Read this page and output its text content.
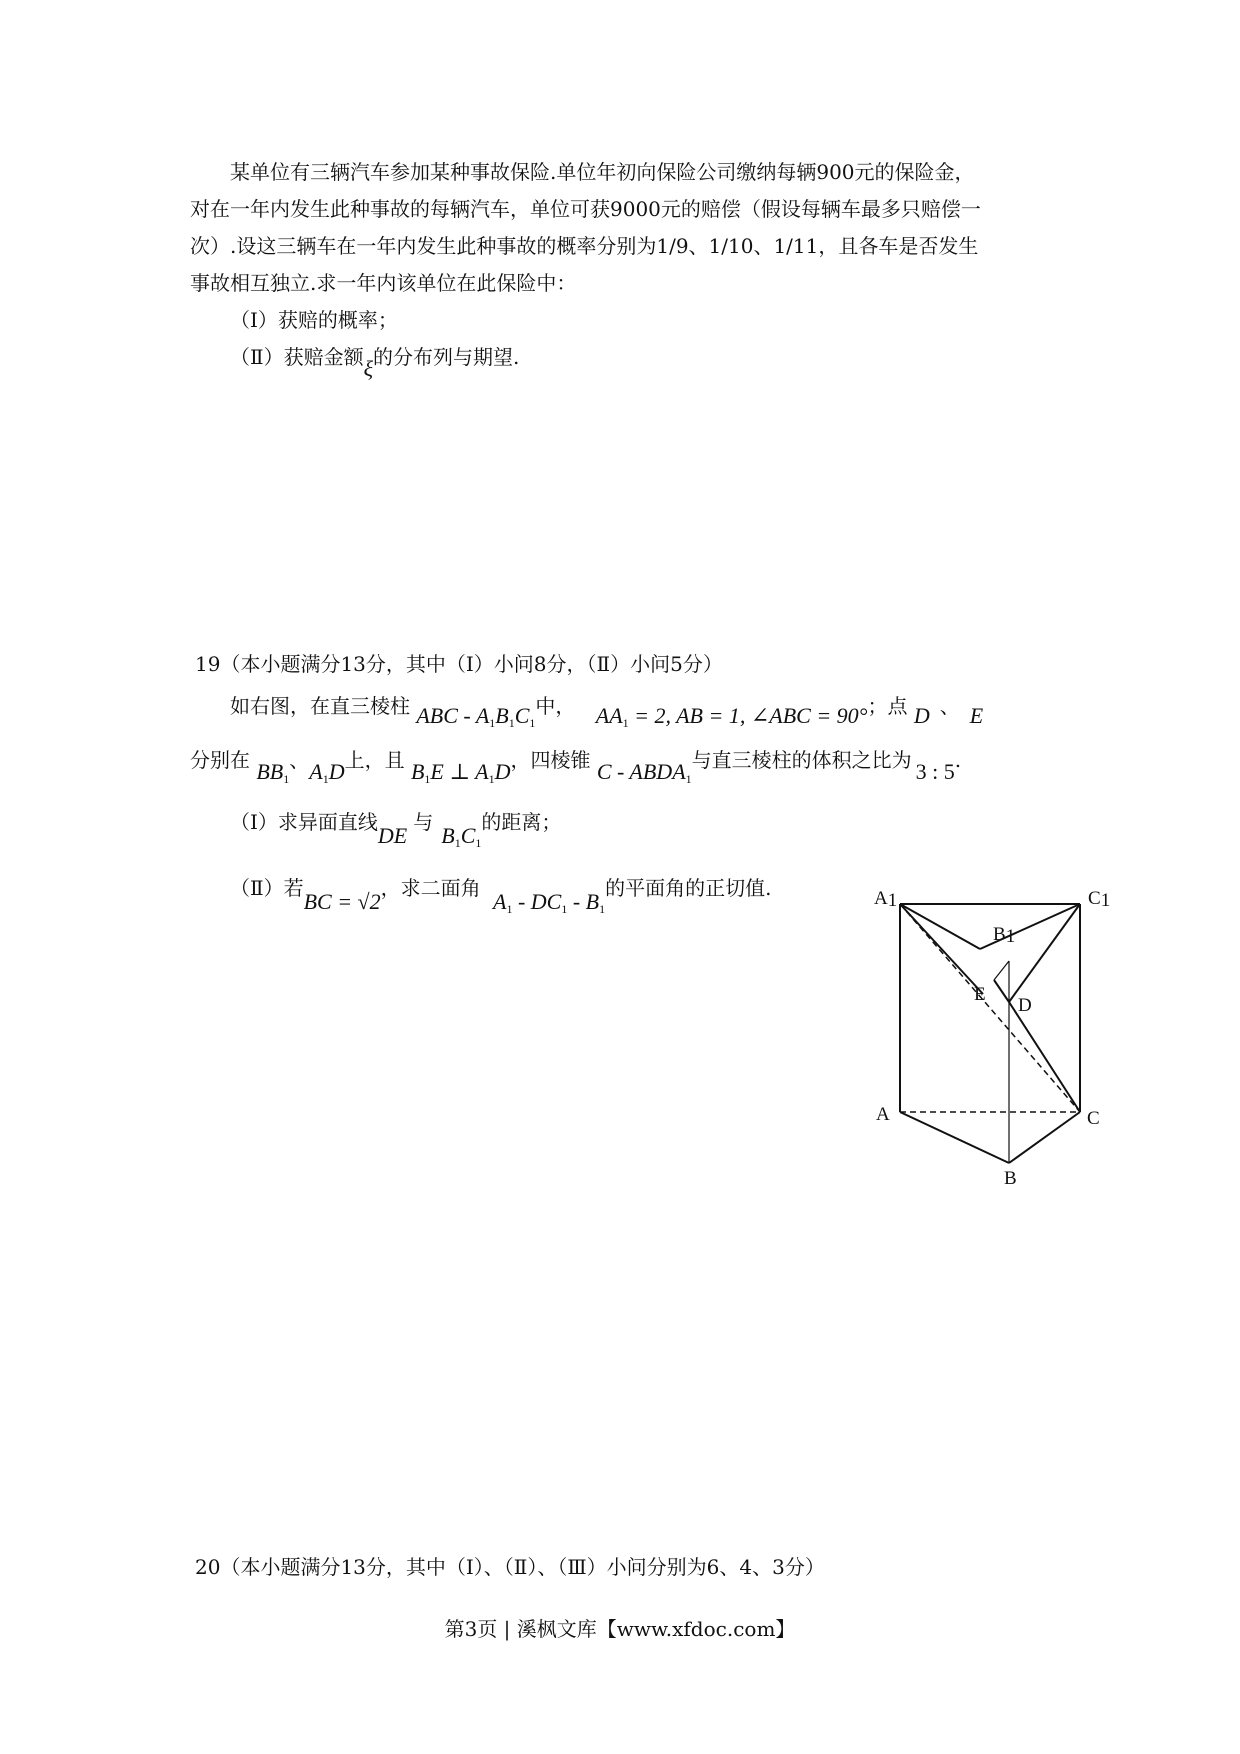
某单位有三辆汽车参加某种事故保险.单位年初向保险公司缴纳每辆900元的保险金，
对在一年内发生此种事故的每辆汽车，单位可获9000元的赔偿（假设每辆车最多只赔偿一
次）.设这三辆车在一年内发生此种事故的概率分别为1/9、1/10、1/11，且各车是否发生
事故相互独立.求一年内该单位在此保险中：
（Ⅰ）获赔的概率；
（Ⅱ）获赔金额ξ的分布列与期望.
19（本小题满分13分，其中（Ⅰ）小问8分，（Ⅱ）小问5分）
如右图，在直三棱柱 ABC - $A_1B_1C_1$中， $AA_1 = 2$, AB = 1, ∠ABC = 90°；点 D 、 E
分别在 $BB_1$、$A_1D$上，且 $B_1E$ ⊥ $A_1D$，四棱锥 C - $ABDA_1$与直三棱柱的体积之比为 3 : 5.
（Ⅰ）求异面直线DE与$B_1C_1$的距离；
（Ⅱ）若BC = √2，求二面角 $A_1 - DC_1 - B_1$的平面角的正切值.	A1	C1
B1
E
D
A	C
B
20（本小题满分13分，其中（Ⅰ）、（Ⅱ）、（Ⅲ）小问分别为6、4、3分）
第3页 | 溪枫文库【www.xfdoc.com】
